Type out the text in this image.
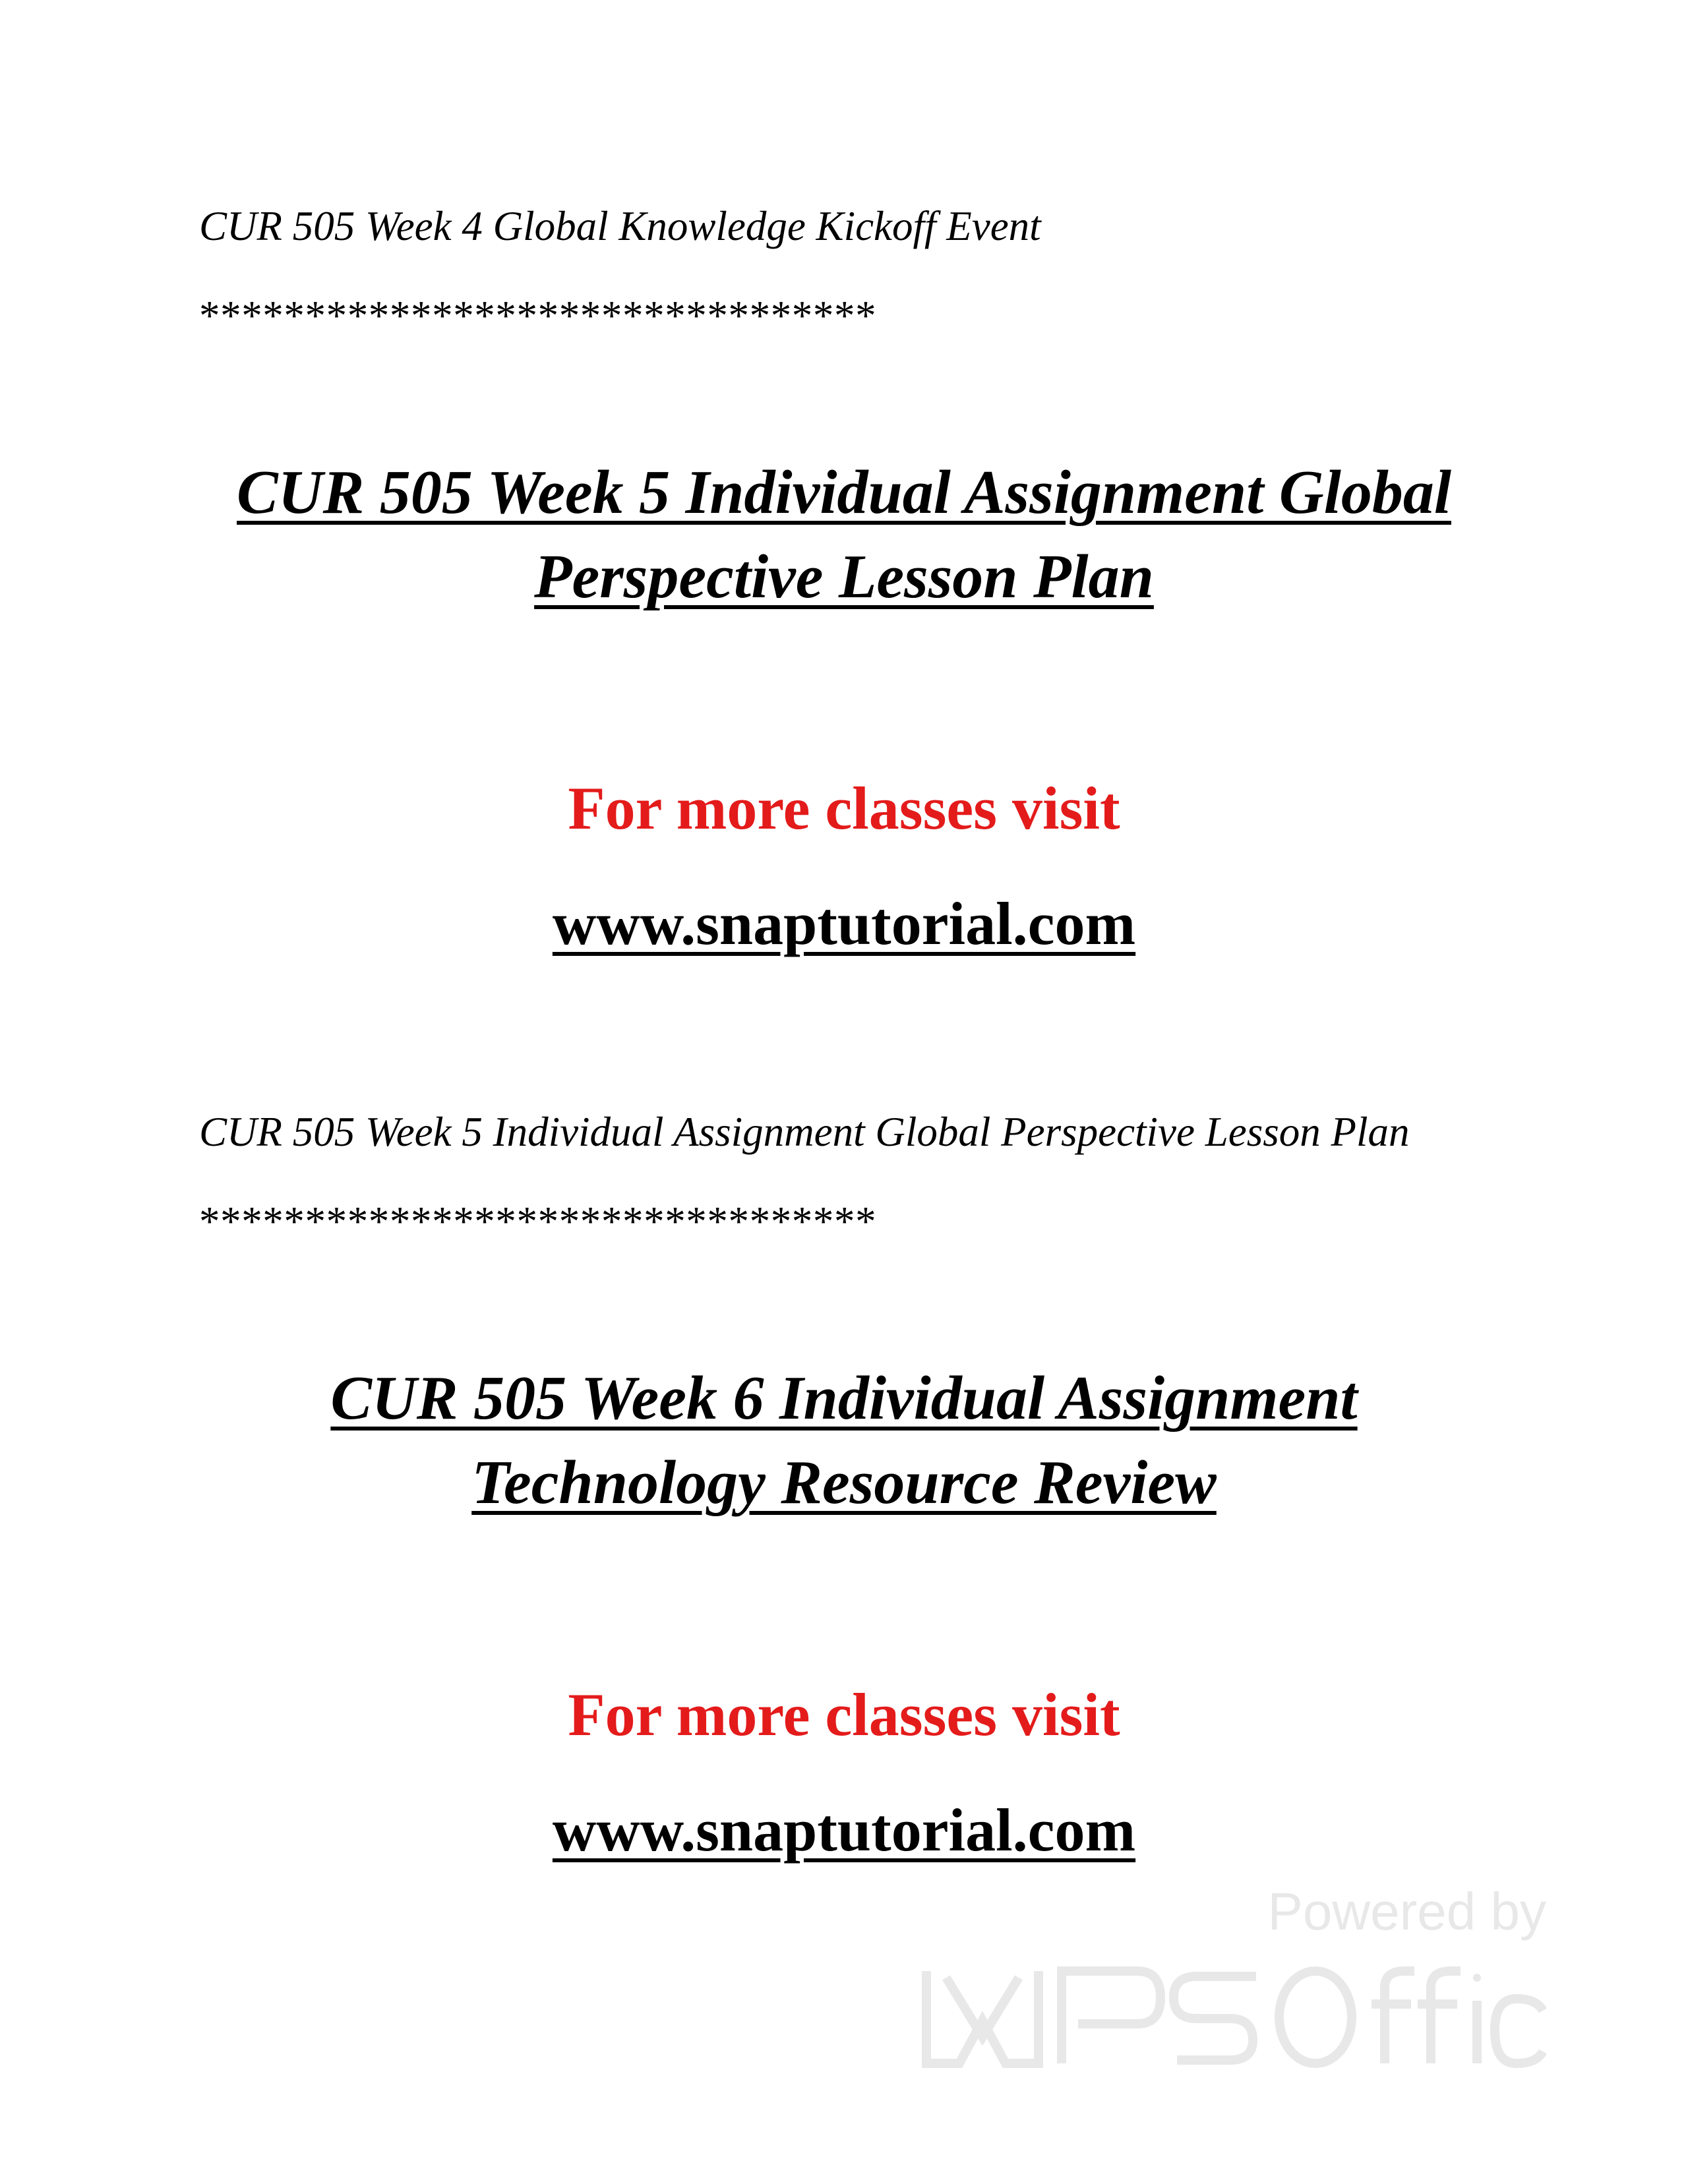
CUR 505 Week 4 Global Knowledge Kickoff Event
********************************
CUR 505 Week 5 Individual Assignment Global
Perspective Lesson Plan
For more classes visit
www.snaptutorial.com
CUR 505 Week 5 Individual Assignment Global Perspective Lesson Plan
********************************
CUR 505 Week 6 Individual Assignment
Technology Resource Review
For more classes visit
www.snaptutorial.com
Powered by
